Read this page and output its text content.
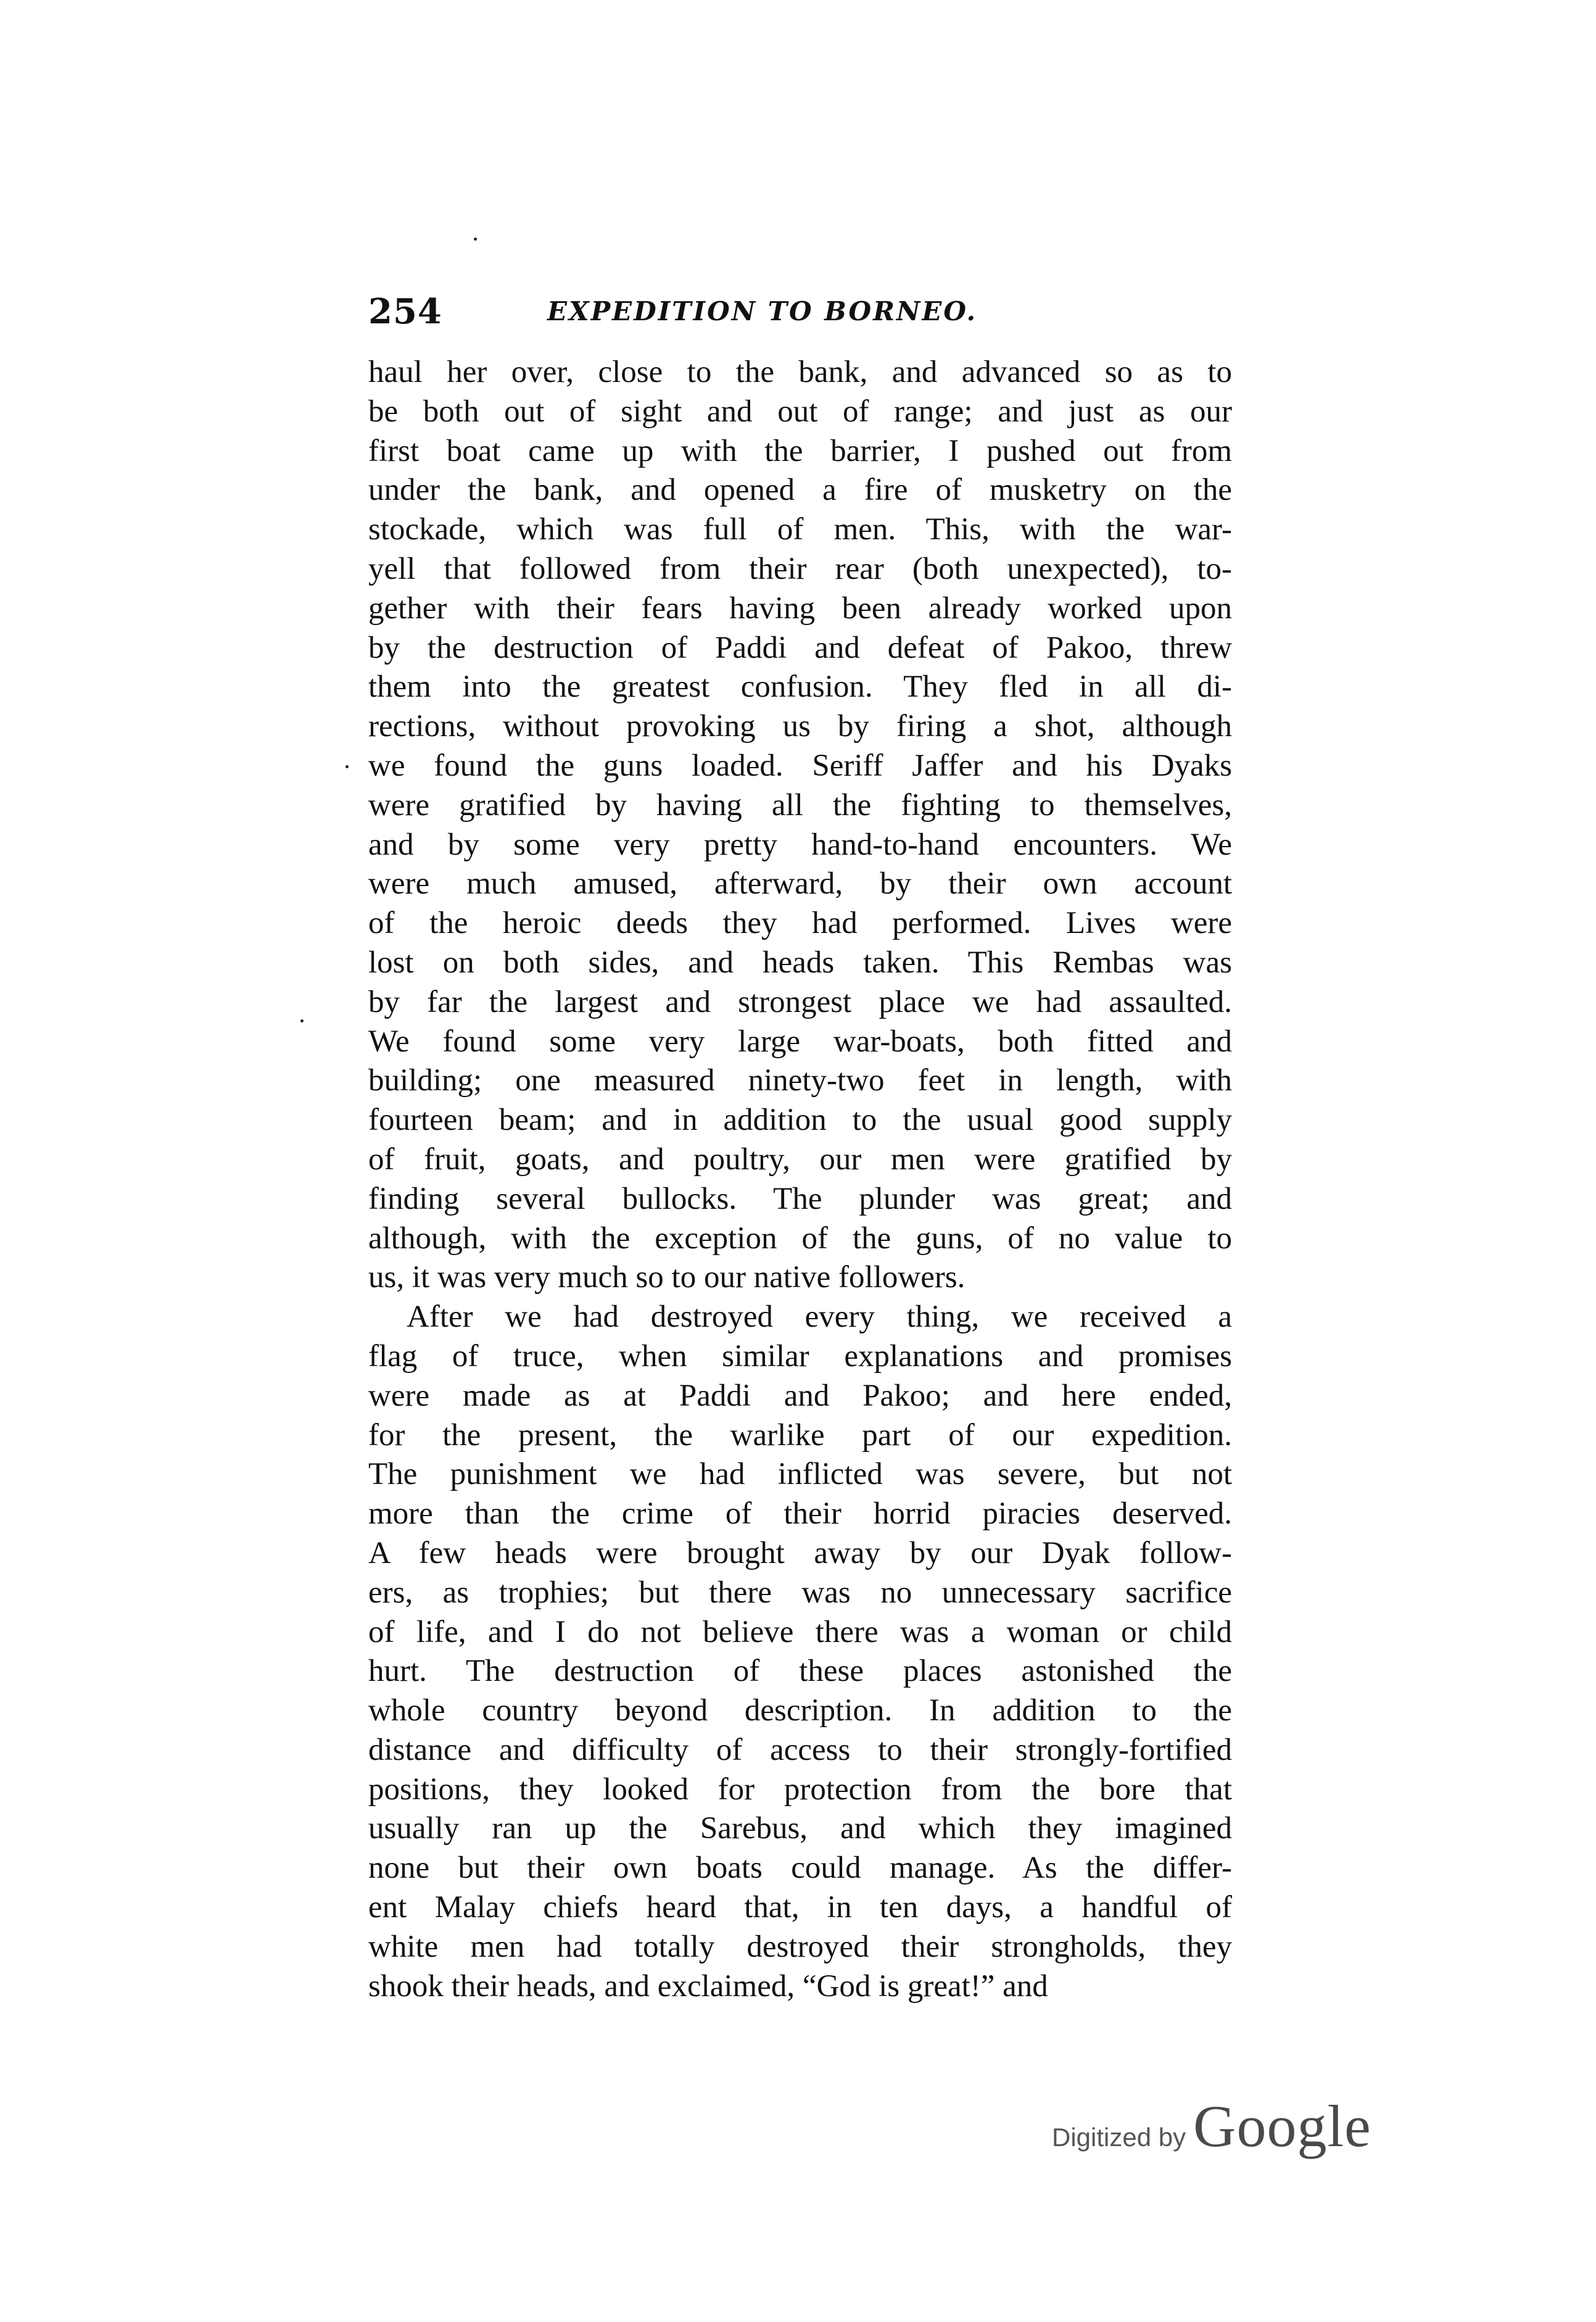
254	EXPEDITION TO BORNEO.
haul her over, close to the bank, and advanced so as to
be both out of sight and out of range; and just as our
first boat came up with the barrier, I pushed out from
under the bank, and opened a fire of musketry on the
stockade, which was full of men. This, with the war-
yell that followed from their rear (both unexpected), to-
gether with their fears having been already worked upon
by the destruction of Paddi and defeat of Pakoo, threw
them into the greatest confusion. They fled in all di-
rections, without provoking us by firing a shot, although
we found the guns loaded. Seriff Jaffer and his Dyaks
were gratified by having all the fighting to themselves,
and by some very pretty hand-to-hand encounters. We
were much amused, afterward, by their own account
of the heroic deeds they had performed. Lives were
lost on both sides, and heads taken. This Rembas was
by far the largest and strongest place we had assaulted.
We found some very large war-boats, both fitted and
building; one measured ninety-two feet in length, with
fourteen beam; and in addition to the usual good supply
of fruit, goats, and poultry, our men were gratified by
finding several bullocks. The plunder was great; and
although, with the exception of the guns, of no value to
us, it was very much so to our native followers.
After we had destroyed every thing, we received a
flag of truce, when similar explanations and promises
were made as at Paddi and Pakoo; and here ended,
for the present, the warlike part of our expedition.
The punishment we had inflicted was severe, but not
more than the crime of their horrid piracies deserved.
A few heads were brought away by our Dyak follow-
ers, as trophies; but there was no unnecessary sacrifice
of life, and I do not believe there was a woman or child
hurt. The destruction of these places astonished the
whole country beyond description. In addition to the
distance and difficulty of access to their strongly-fortified
positions, they looked for protection from the bore that
usually ran up the Sarebus, and which they imagined
none but their own boats could manage. As the differ-
ent Malay chiefs heard that, in ten days, a handful of
white men had totally destroyed their strongholds, they
shook their heads, and exclaimed, “God is great!” and
Digitized by Google
